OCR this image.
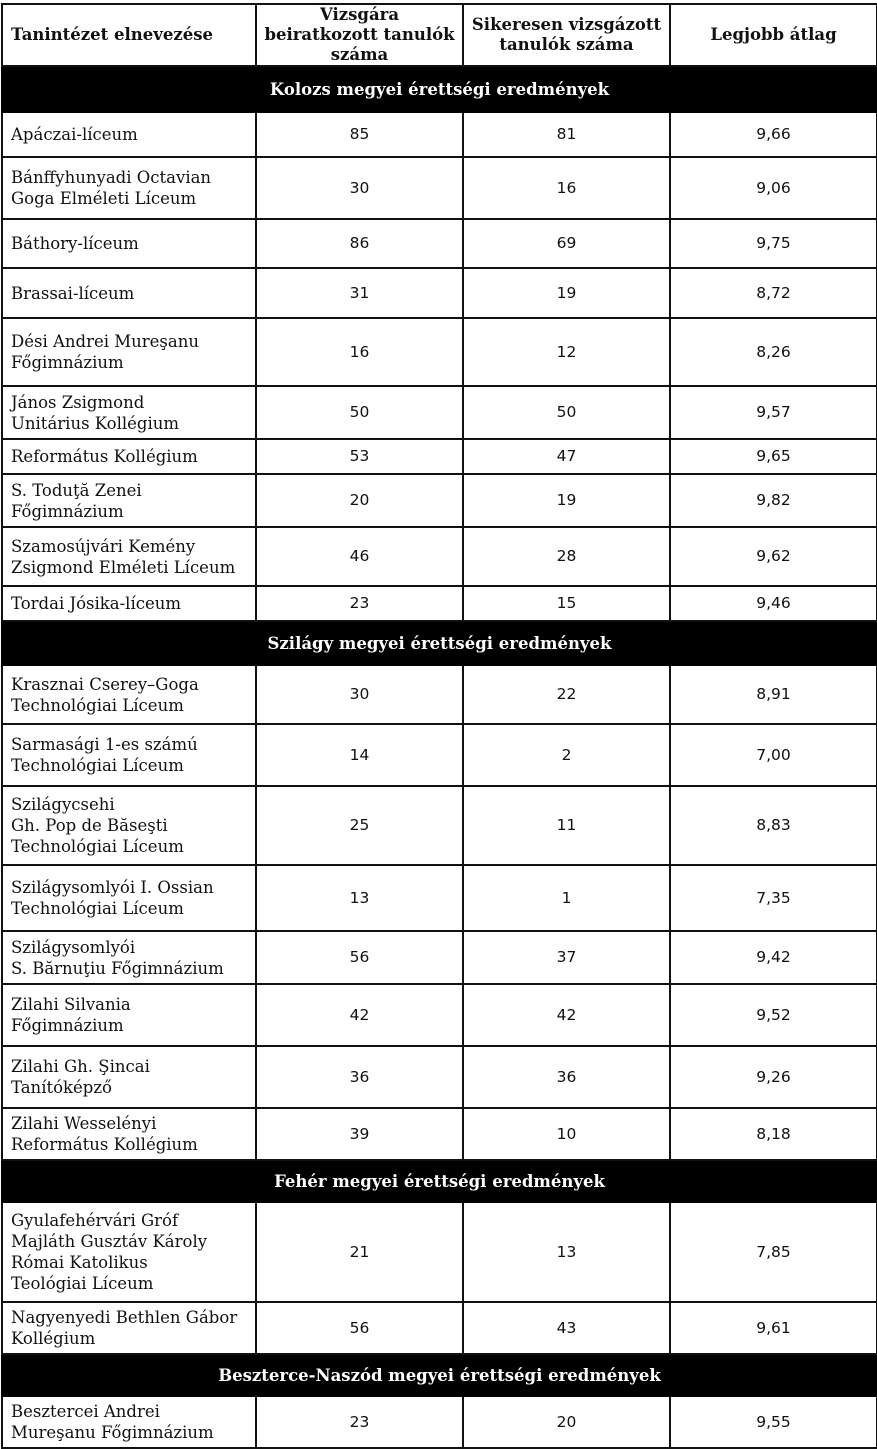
Tanintézet elnevezése	Vizsgára beiratkozott tanulók száma	Sikeresen vizsgázott tanulók száma	Legjobb átlag
Kolozs megyei érettségi eredmények			
Apáczai-líceum	85	81	9,66
Bánffyhunyadi Octavian
Goga Elméleti Líceum	30	16	9,06
Báthory-líceum	86	69	9,75
Brassai-líceum	31	19	8,72
Dési Andrei Mureşanu
Főgimnázium	16	12	8,26
János Zsigmond
Unitárius Kollégium	50	50	9,57
Református Kollégium	53	47	9,65
S. Toduţă Zenei
Főgimnázium	20	19	9,82
Szamosújvári Kemény
Zsigmond Elméleti Líceum	46	28	9,62
Tordai Jósika-líceum	23	15	9,46
Szilágy megyei érettségi eredmények			
Krasznai Cserey–Goga
Technológiai Líceum	30	22	8,91
Sarmasági 1-es számú
Technológiai Líceum	14	2	7,00
Szilágycsehi
Gh. Pop de Băseşti
Technológiai Líceum	25	11	8,83
Szilágysomlyói I. Ossian
Technológiai Líceum	13	1	7,35
Szilágysomlyói
S. Bărnuţiu Főgimnázium	56	37	9,42
Zilahi Silvania
Főgimnázium	42	42	9,52
Zilahi Gh. Şincai
Tanítóképző	36	36	9,26
Zilahi Wesselényi
Református Kollégium	39	10	8,18
Fehér megyei érettségi eredmények			
Gyulafehérvári Gróf
Majláth Gusztáv Károly
Római Katolikus
Teológiai Líceum	21	13	7,85
Nagyenyedi Bethlen Gábor
Kollégium	56	43	9,61
Beszterce-Naszód megyei érettségi eredmények			
Besztercei Andrei
Mureşanu Főgimnázium	23	20	9,55
